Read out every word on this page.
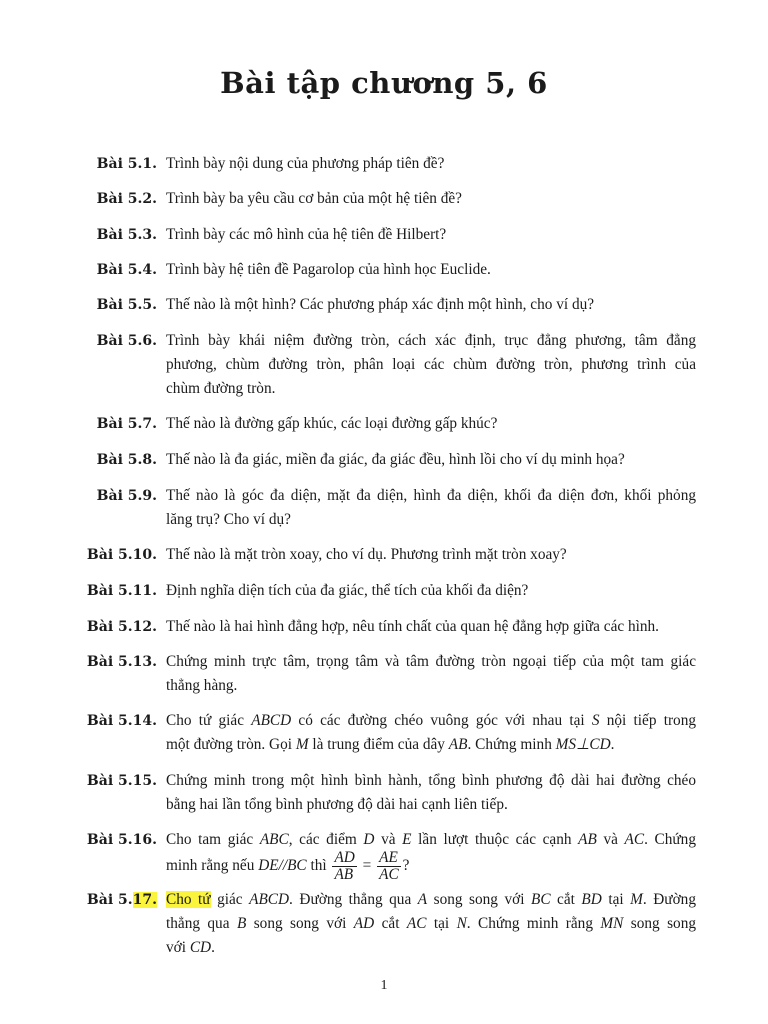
Bài tập chương 5, 6
Bài 5.1. Trình bày nội dung của phương pháp tiên đề?
Bài 5.2. Trình bày ba yêu cầu cơ bản của một hệ tiên đề?
Bài 5.3. Trình bày các mô hình của hệ tiên đề Hilbert?
Bài 5.4. Trình bày hệ tiên đề Pagarolop của hình học Euclide.
Bài 5.5. Thế nào là một hình? Các phương pháp xác định một hình, cho ví dụ?
Bài 5.6. Trình bày khái niệm đường tròn, cách xác định, trục đẳng phương, tâm đẳng
phương, chùm đường tròn, phân loại các chùm đường tròn, phương trình của
chùm đường tròn.
Bài 5.7. Thế nào là đường gấp khúc, các loại đường gấp khúc?
Bài 5.8. Thế nào là đa giác, miền đa giác, đa giác đều, hình lồi cho ví dụ minh họa?
Bài 5.9. Thế nào là góc đa diện, mặt đa diện, hình đa diện, khối đa diện đơn, khối phỏng
lăng trụ? Cho ví dụ?
Bài 5.10. Thế nào là mặt tròn xoay, cho ví dụ. Phương trình mặt tròn xoay?
Bài 5.11. Định nghĩa diện tích của đa giác, thể tích của khối đa diện?
Bài 5.12. Thế nào là hai hình đẳng hợp, nêu tính chất của quan hệ đẳng hợp giữa các hình.
Bài 5.13. Chứng minh trực tâm, trọng tâm và tâm đường tròn ngoại tiếp của một tam giác
thẳng hàng.
Bài 5.14. Cho tứ giác ABCD có các đường chéo vuông góc với nhau tại S nội tiếp trong
một đường tròn. Gọi M là trung điểm của dây AB. Chứng minh MS⊥CD.
Bài 5.15. Chứng minh trong một hình bình hành, tổng bình phương độ dài hai đường chéo
bằng hai lần tổng bình phương độ dài hai cạnh liên tiếp.
Bài 5.16. Cho tam giác ABC, các điểm D và E lần lượt thuộc các cạnh AB và AC. Chứng
minh rằng nếu DE//BC thì $\frac{AD}{AB} = \frac{AE}{AC}$ ?
Bài 5.17. Cho tứ giác ABCD. Đường thẳng qua A song song với BC cắt BD tại M. Đường
thẳng qua B song song với AD cắt AC tại N. Chứng minh rằng MN song song
với CD.
1
